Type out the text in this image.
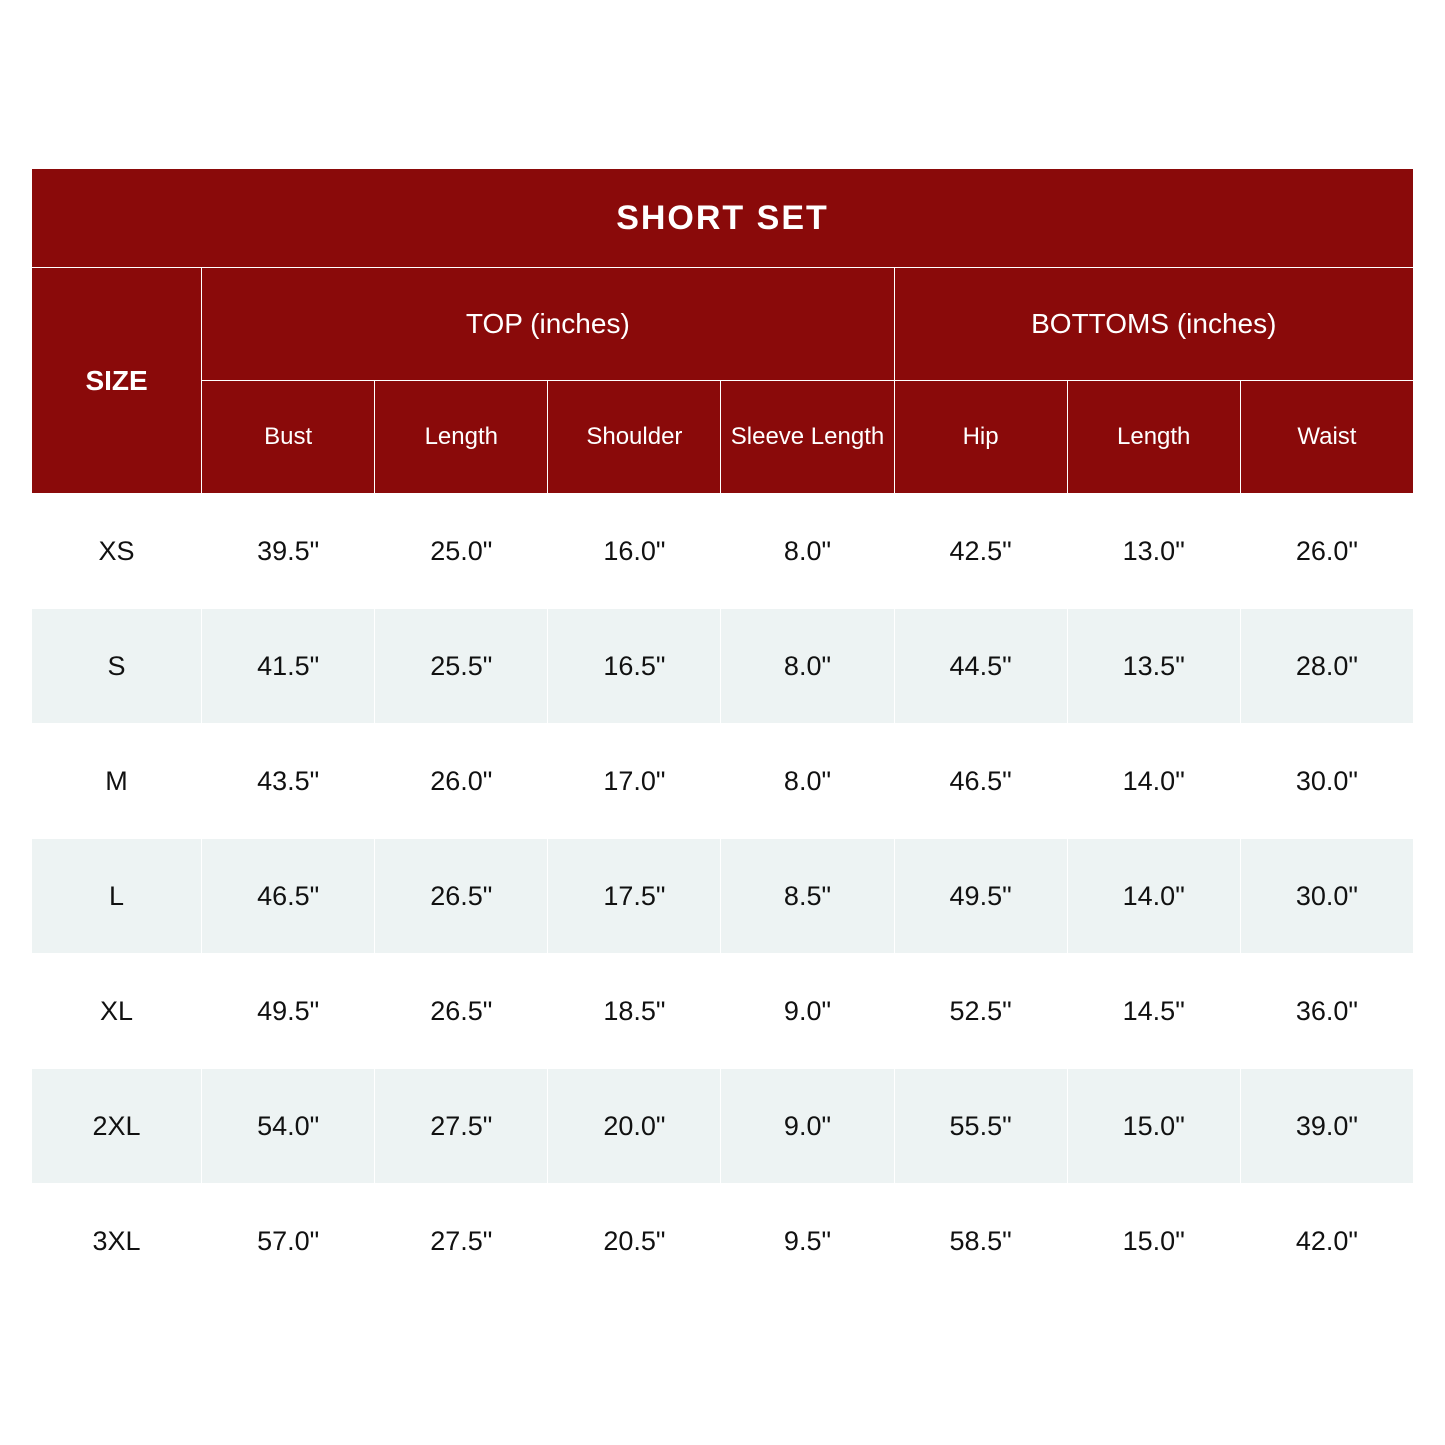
SHORT SET							
SIZE	TOP (inches)				BOTTOMS (inches)		
	Bust	Length	Shoulder	Sleeve Length	Hip	Length	Waist
XS	39.5"	25.0"	16.0"	8.0"	42.5"	13.0"	26.0"
S	41.5"	25.5"	16.5"	8.0"	44.5"	13.5"	28.0"
M	43.5"	26.0"	17.0"	8.0"	46.5"	14.0"	30.0"
L	46.5"	26.5"	17.5"	8.5"	49.5"	14.0"	30.0"
XL	49.5"	26.5"	18.5"	9.0"	52.5"	14.5"	36.0"
2XL	54.0"	27.5"	20.0"	9.0"	55.5"	15.0"	39.0"
3XL	57.0"	27.5"	20.5"	9.5"	58.5"	15.0"	42.0"
